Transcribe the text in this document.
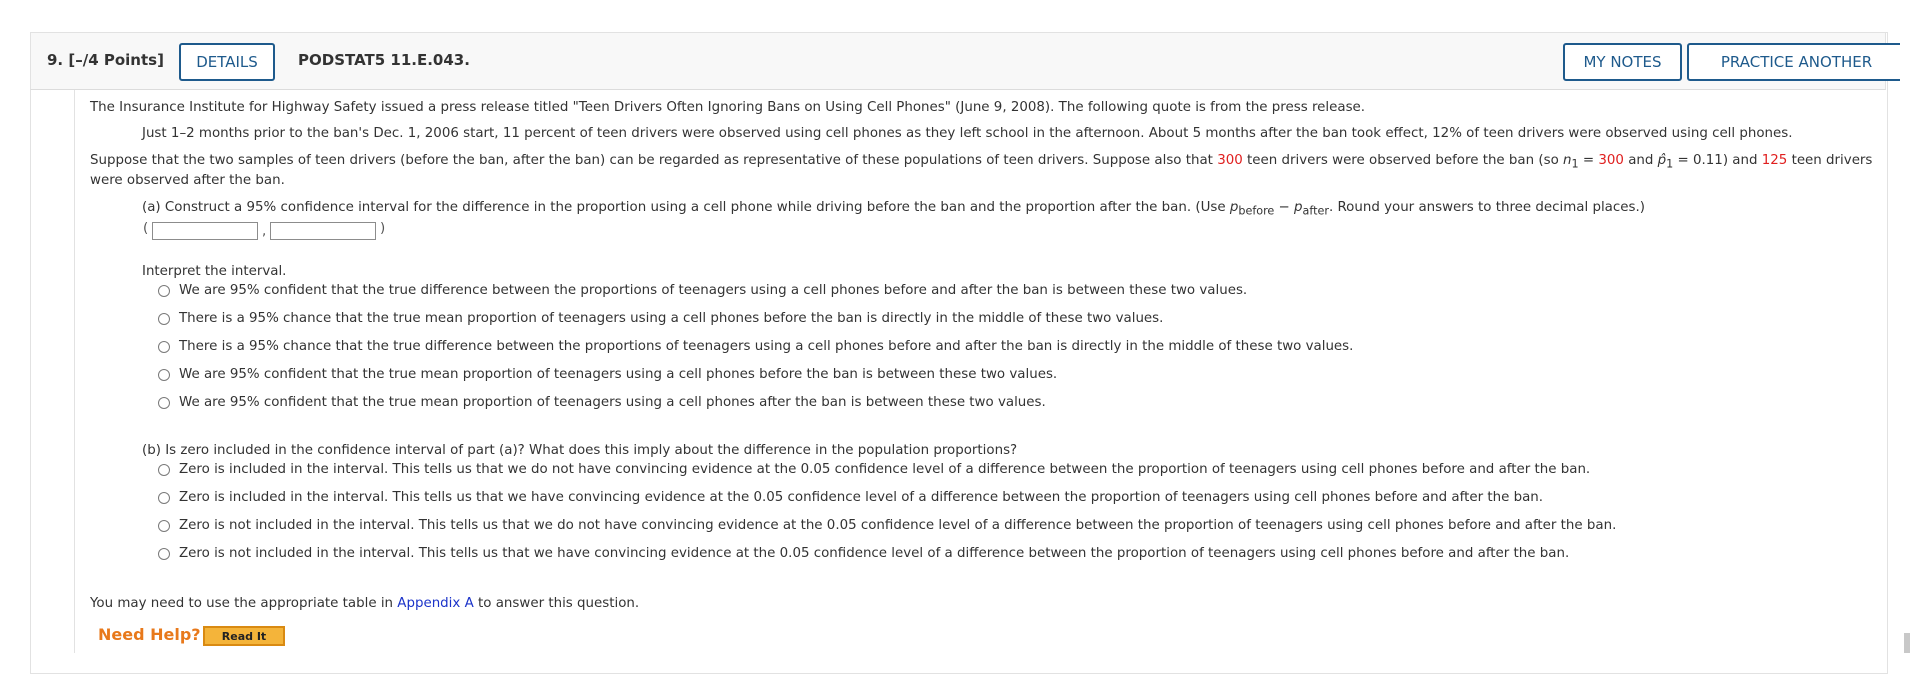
9. [–/4 Points]	DETAILS	PODSTAT5 11.E.043.	MY NOTES	PRACTICE ANOTHER
The Insurance Institute for Highway Safety issued a press release titled "Teen Drivers Often Ignoring Bans on Using Cell Phones" (June 9, 2008). The following quote is from the press release.
Just 1–2 months prior to the ban's Dec. 1, 2006 start, 11 percent of teen drivers were observed using cell phones as they left school in the afternoon. About 5 months after the ban took effect, 12% of teen drivers were observed using cell phones.
Suppose that the two samples of teen drivers (before the ban, after the ban) can be regarded as representative of these populations of teen drivers. Suppose also that 300 teen drivers were observed before the ban (so $n_1 = 300$ and $p̂_1 = 0.11$) and 125 teen drivers
were observed after the ban.
(a) Construct a 95% confidence interval for the difference in the proportion using a cell phone while driving before the ban and the proportion after the ban. (Use $p_{before} - p_{after}$. Round your answers to three decimal places.)
(	,	)
Interpret the interval.
We are 95% confident that the true difference between the proportions of teenagers using a cell phones before and after the ban is between these two values.
There is a 95% chance that the true mean proportion of teenagers using a cell phones before the ban is directly in the middle of these two values.
There is a 95% chance that the true difference between the proportions of teenagers using a cell phones before and after the ban is directly in the middle of these two values.
We are 95% confident that the true mean proportion of teenagers using a cell phones before the ban is between these two values.
We are 95% confident that the true mean proportion of teenagers using a cell phones after the ban is between these two values.
(b) Is zero included in the confidence interval of part (a)? What does this imply about the difference in the population proportions?
Zero is included in the interval. This tells us that we do not have convincing evidence at the 0.05 confidence level of a difference between the proportion of teenagers using cell phones before and after the ban.
Zero is included in the interval. This tells us that we have convincing evidence at the 0.05 confidence level of a difference between the proportion of teenagers using cell phones before and after the ban.
Zero is not included in the interval. This tells us that we do not have convincing evidence at the 0.05 confidence level of a difference between the proportion of teenagers using cell phones before and after the ban.
Zero is not included in the interval. This tells us that we have convincing evidence at the 0.05 confidence level of a difference between the proportion of teenagers using cell phones before and after the ban.
You may need to use the appropriate table in Appendix A to answer this question.
Need Help?	Read It
